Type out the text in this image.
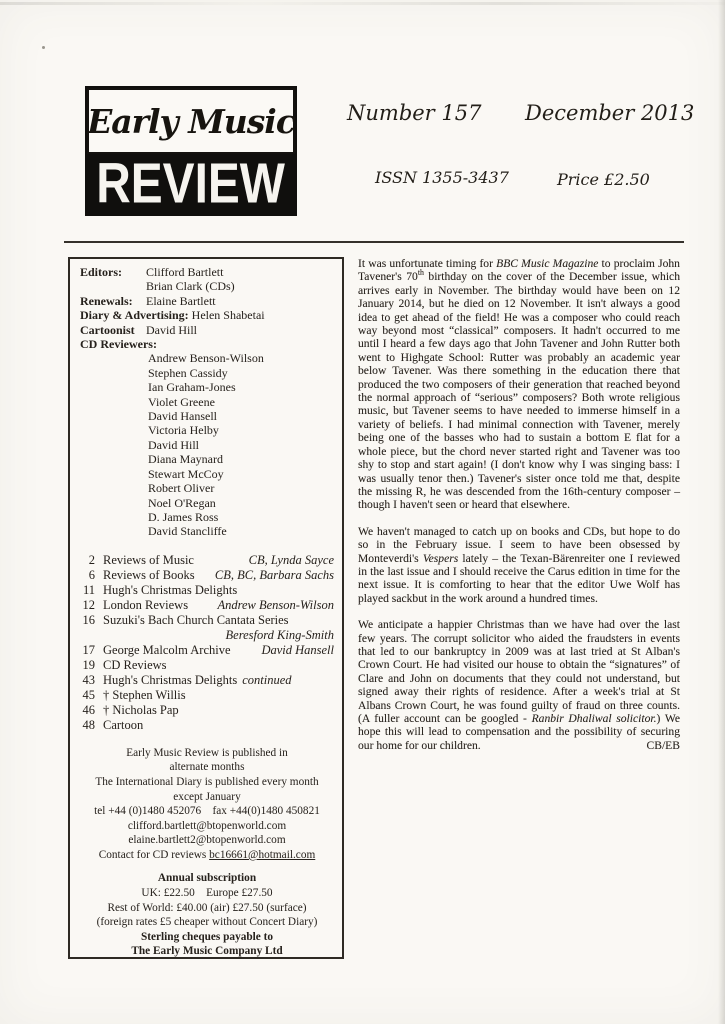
Early Music
REVIEW
Number 157 December 2013
ISSN 1355-3437	Price £2.50
Editors:	Clifford Bartlett
Brian Clark (CDs)
Renewals:	Elaine Bartlett
Diary & Advertising: Helen Shabetai
Cartoonist David Hill
CD Reviewers:
Andrew Benson-Wilson
Stephen Cassidy
Ian Graham-Jones
Violet Greene
David Hansell
Victoria Helby
David Hill
Diana Maynard
Stewart McCoy
Robert Oliver
Noel O'Regan
D. James Ross
David Stancliffe
2 Reviews of Music	CB, Lynda Sayce
6 Reviews of Books	CB, BC, Barbara Sachs
11 Hugh's Christmas Delights
12 London Reviews	Andrew Benson-Wilson
16 Suzuki's Bach Church Cantata Series
Beresford King-Smith
17 George Malcolm Archive	David Hansell
19 CD Reviews
43 Hugh's Christmas Delights continued
45 † Stephen Willis
46 † Nicholas Pap
48 Cartoon
Early Music Review is published in
alternate months
The International Diary is published every month
except January
tel +44 (0)1480 452076    fax +44(0)1480 450821
clifford.bartlett@btopenworld.com
elaine.bartlett2@btopenworld.com
Contact for CD reviews bc16661@hotmail.com
Annual subscription
UK: £22.50    Europe £27.50
Rest of World: £40.00 (air) £27.50 (surface)
(foreign rates £5 cheaper without Concert Diary)
Sterling cheques payable to
The Early Music Company Ltd

It was unfortunate timing for BBC Music Magazine to proclaim John Tavener's 70th birthday on the cover of the December issue, which arrives early in November. The birthday would have been on 12 January 2014, but he died on 12 November. It isn't always a good idea to get ahead of the field! He was a composer who could reach way beyond most “classical” composers. It hadn't occurred to me until I heard a few days ago that John Tavener and John Rutter both went to Highgate School: Rutter was probably an academic year below Tavener. Was there something in the education there that produced the two composers of their generation that reached beyond the normal approach of “serious” composers? Both wrote religious music, but Tavener seems to have needed to immerse himself in a variety of beliefs. I had minimal connection with Tavener, merely being one of the basses who had to sustain a bottom E flat for a whole piece, but the chord never started right and Tavener was too shy to stop and start again! (I don't know why I was singing bass: I was usually tenor then.) Tavener's sister once told me that, despite the missing R, he was descended from the 16th-century composer – though I haven't seen or heard that elsewhere.

We haven't managed to catch up on books and CDs, but hope to do so in the February issue. I seem to have been obsessed by Monteverdi's Vespers lately – the Texan-Bärenreiter one I reviewed in the last issue and I should receive the Carus edition in time for the next issue. It is comforting to hear that the editor Uwe Wolf has played sackbut in the work around a hundred times.

We anticipate a happier Christmas than we have had over the last few years. The corrupt solicitor who aided the fraudsters in events that led to our bankruptcy in 2009 was at last tried at St Alban's Crown Court. He had visited our house to obtain the “signatures” of Clare and John on documents that they could not understand, but signed away their rights of residence. After a week's trial at St Albans Crown Court, he was found guilty of fraud on three counts. (A fuller account can be googled - Ranbir Dhaliwal solicitor.) We hope this will lead to compensation and the possibility of securing our home for our children.	CB/EB
